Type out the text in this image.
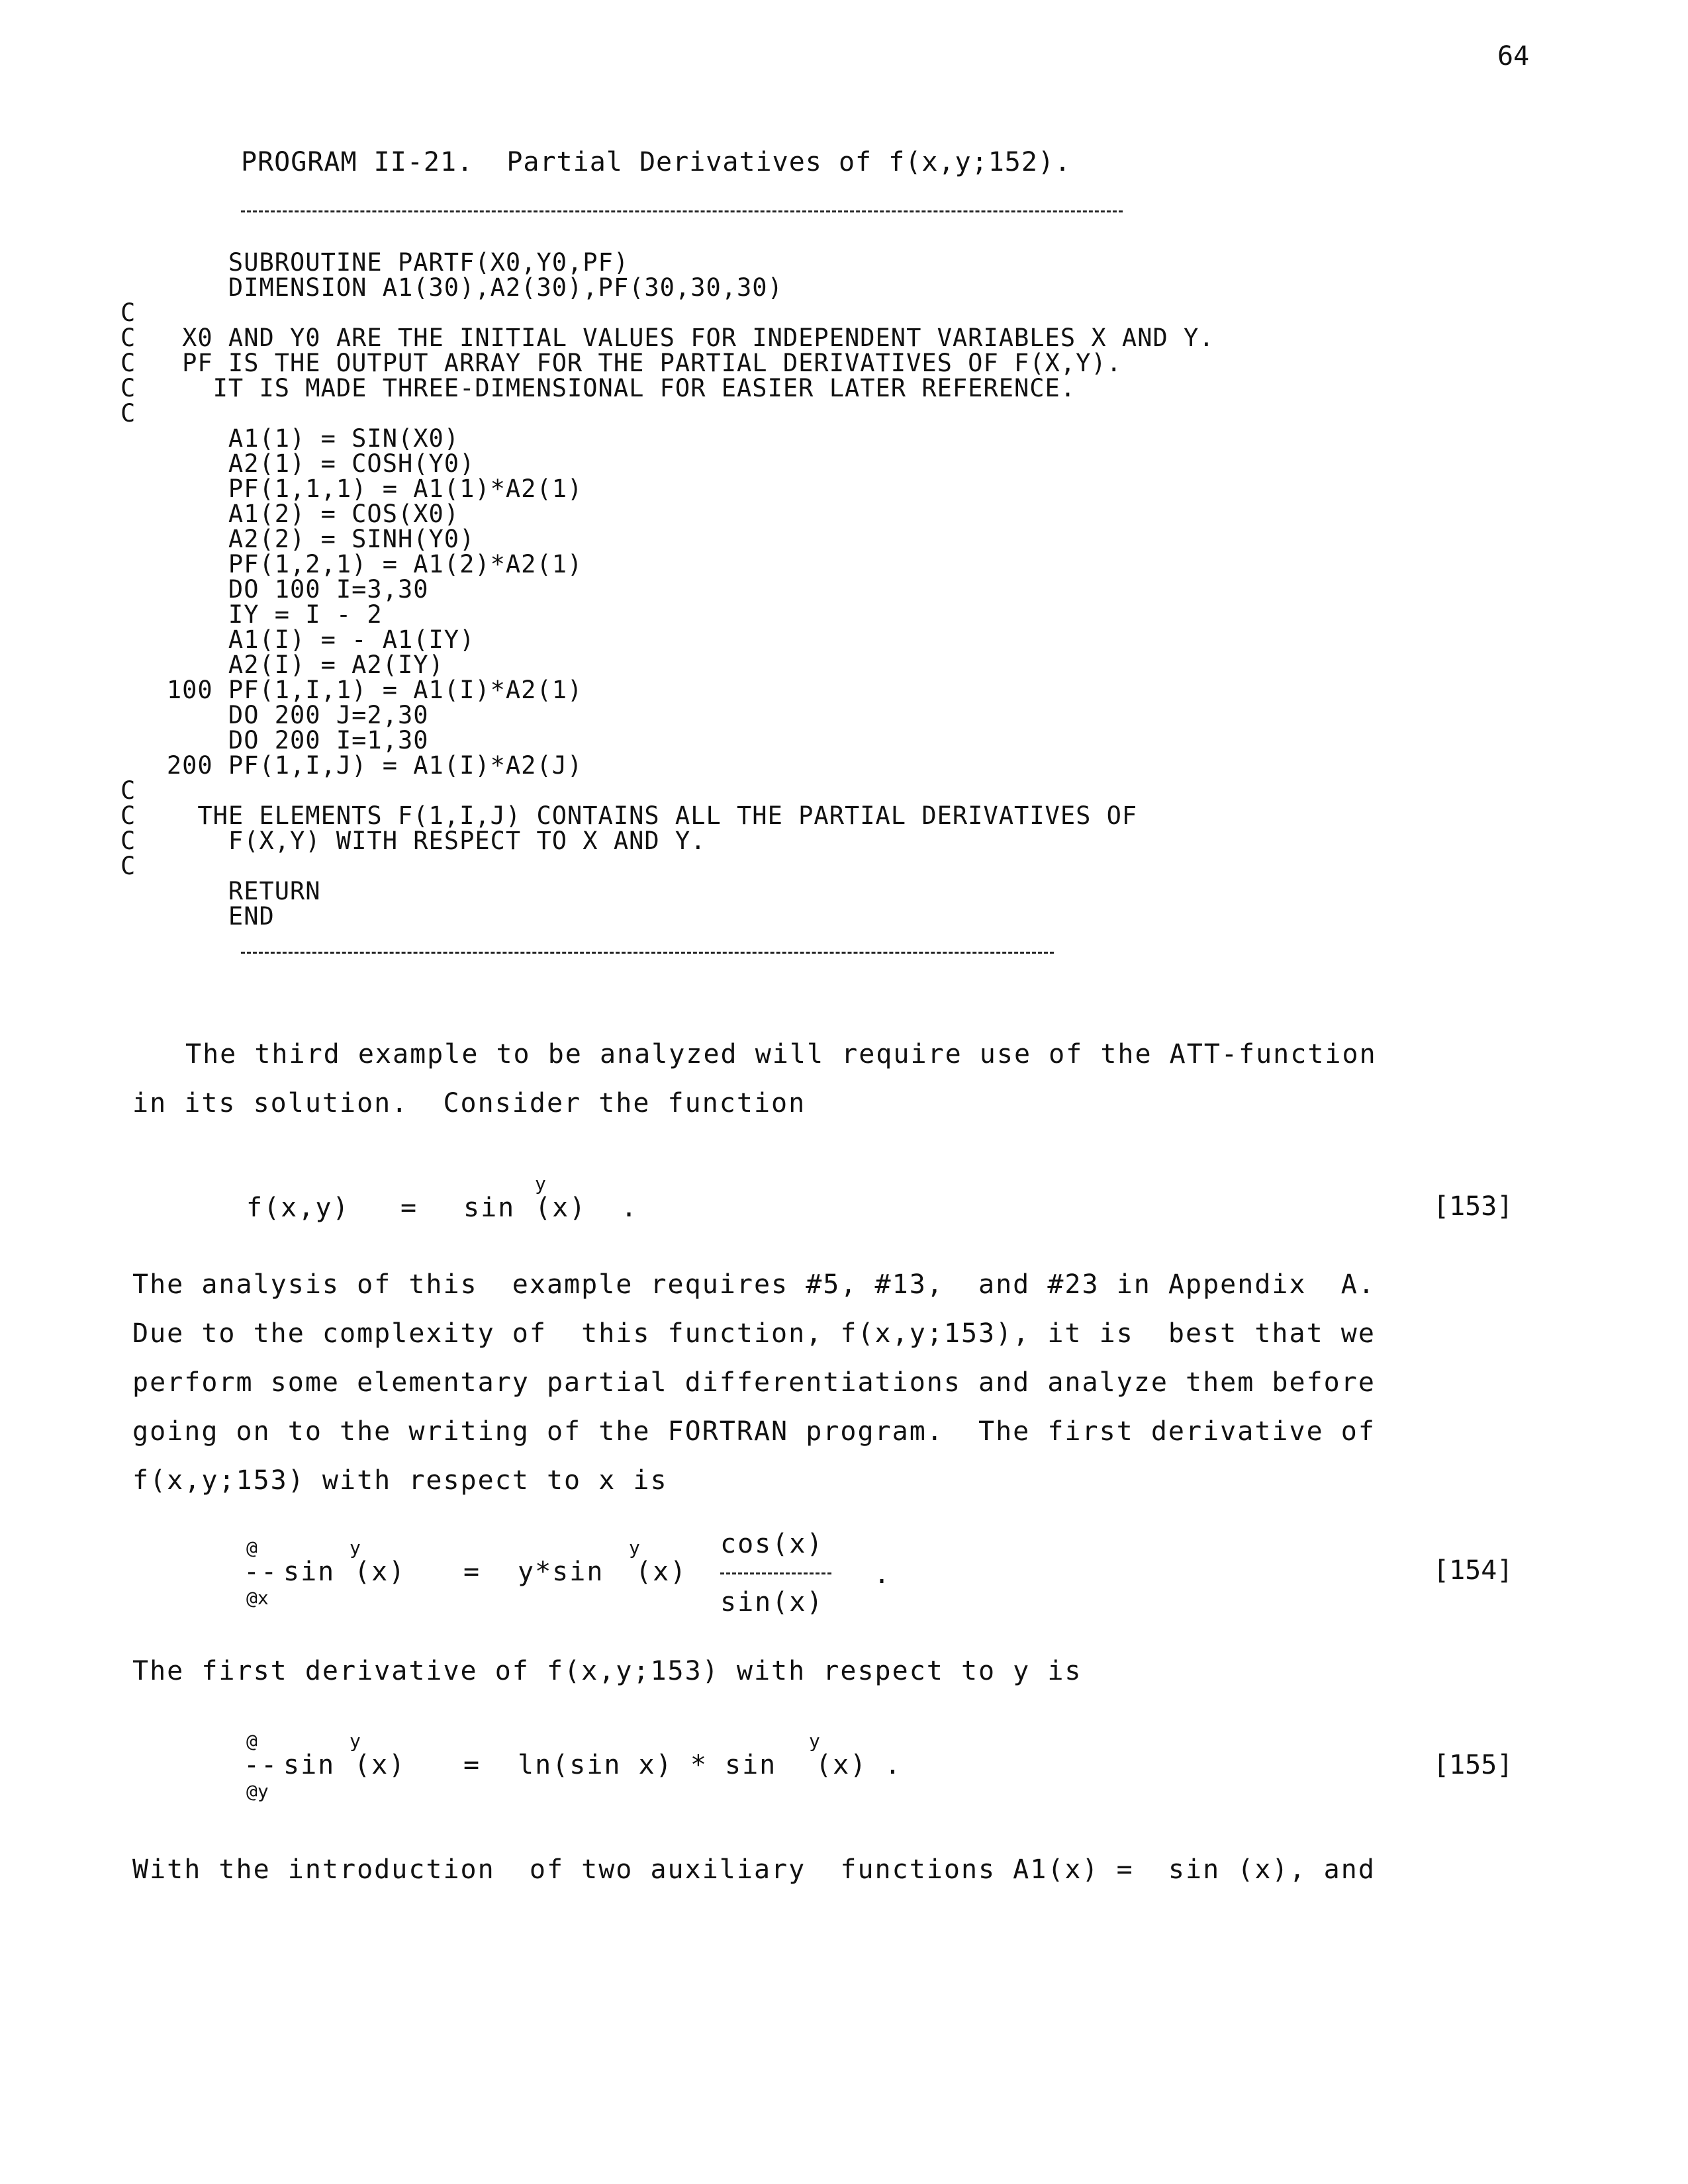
64
PROGRAM II-21.  Partial Derivatives of f(x,y;152).
SUBROUTINE PARTF(X0,Y0,PF)
DIMENSION A1(30),A2(30),PF(30,30,30)
C
C   X0 AND Y0 ARE THE INITIAL VALUES FOR INDEPENDENT VARIABLES X AND Y.
C   PF IS THE OUTPUT ARRAY FOR THE PARTIAL DERIVATIVES OF F(X,Y).
C     IT IS MADE THREE-DIMENSIONAL FOR EASIER LATER REFERENCE.
C
A1(1) = SIN(X0)
A2(1) = COSH(Y0)
PF(1,1,1) = A1(1)*A2(1)
A1(2) = COS(X0)
A2(2) = SINH(Y0)
PF(1,2,1) = A1(2)*A2(1)
DO 100 I=3,30
IY = I - 2
A1(I) = - A1(IY)
A2(I) = A2(IY)
100 PF(1,I,1) = A1(I)*A2(1)
DO 200 J=2,30
DO 200 I=1,30
200 PF(1,I,J) = A1(I)*A2(J)
C
C    THE ELEMENTS F(1,I,J) CONTAINS ALL THE PARTIAL DERIVATIVES OF
C      F(X,Y) WITH RESPECT TO X AND Y.
C
RETURN
END
The third example to be analyzed will require use of the ATT-function
in its solution.  Consider the function
f(x,y) = sin
y
(x) .	[153]
The analysis of this  example requires #5, #13,  and #23 in Appendix  A.
Due to the complexity of  this function, f(x,y;153), it is  best that we
perform some elementary partial differentiations and analyze them before
going on to the writing of the FORTRAN program.  The first derivative of
f(x,y;153) with respect to x is
@
--
@x
sin
y
(x) = y*sin
y
(x)
cos(x)
sin(x)
.	[154]
The first derivative of f(x,y;153) with respect to y is
@
--
@y
sin
y
(x) = ln(sin x) * sin
y
(x) .	[155]
With the introduction  of two auxiliary  functions A1(x) =  sin (x), and
